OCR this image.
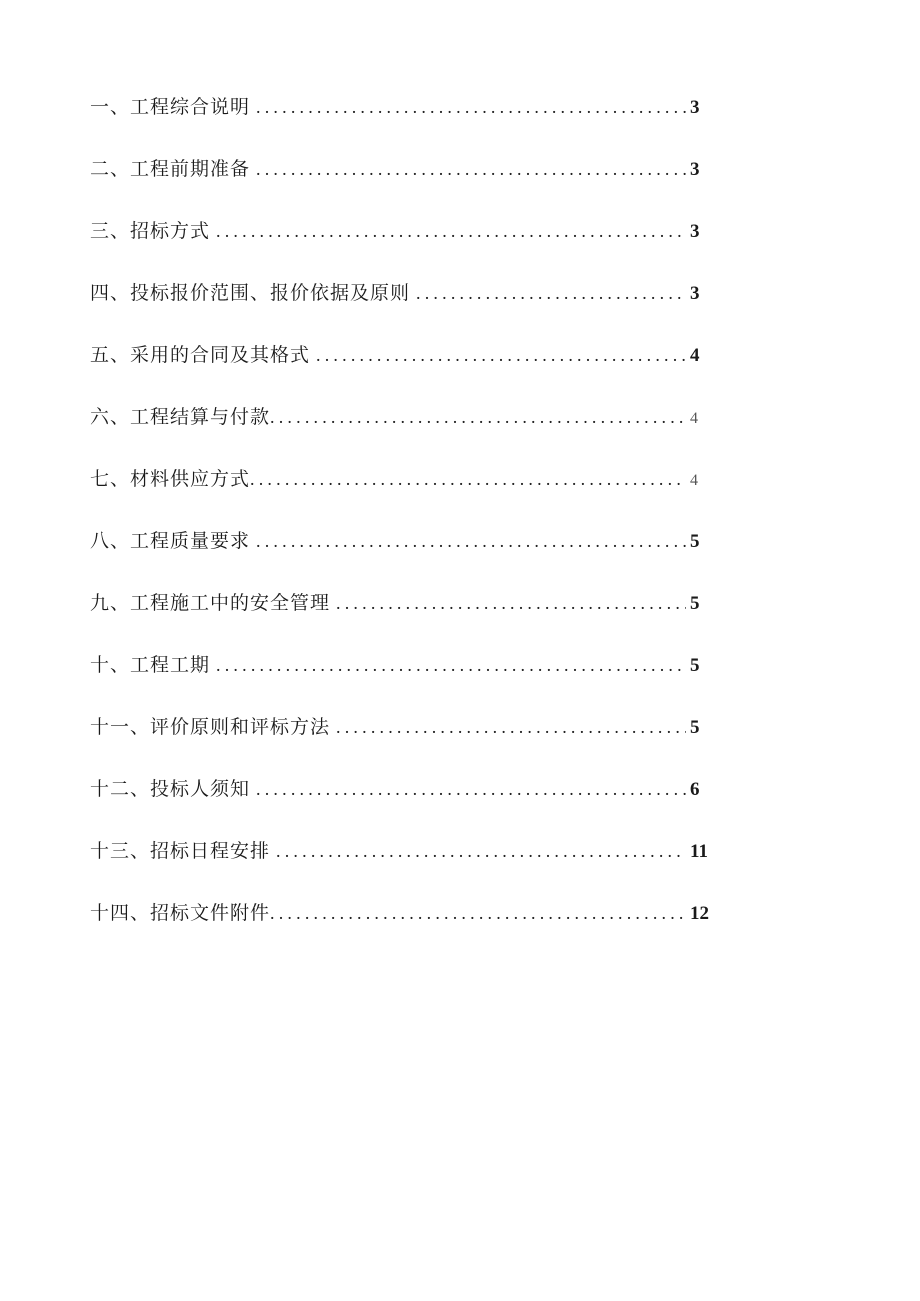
一、工程综合说明 .....	3
二、工程前期准备 .....	3
三、招标方式 .....	3
四、投标报价范围、报价依据及原则 .....	3
五、采用的合同及其格式 .....	4
六、工程结算与付款 .....	4
七、材料供应方式 .....	4
八、工程质量要求 .....	5
九、工程施工中的安全管理 .....	5
十、工程工期 .....	5
十一、评价原则和评标方法 .....	5
十二、投标人须知 .....	6
十三、招标日程安排 .....	11
十四、招标文件附件 .....	12
